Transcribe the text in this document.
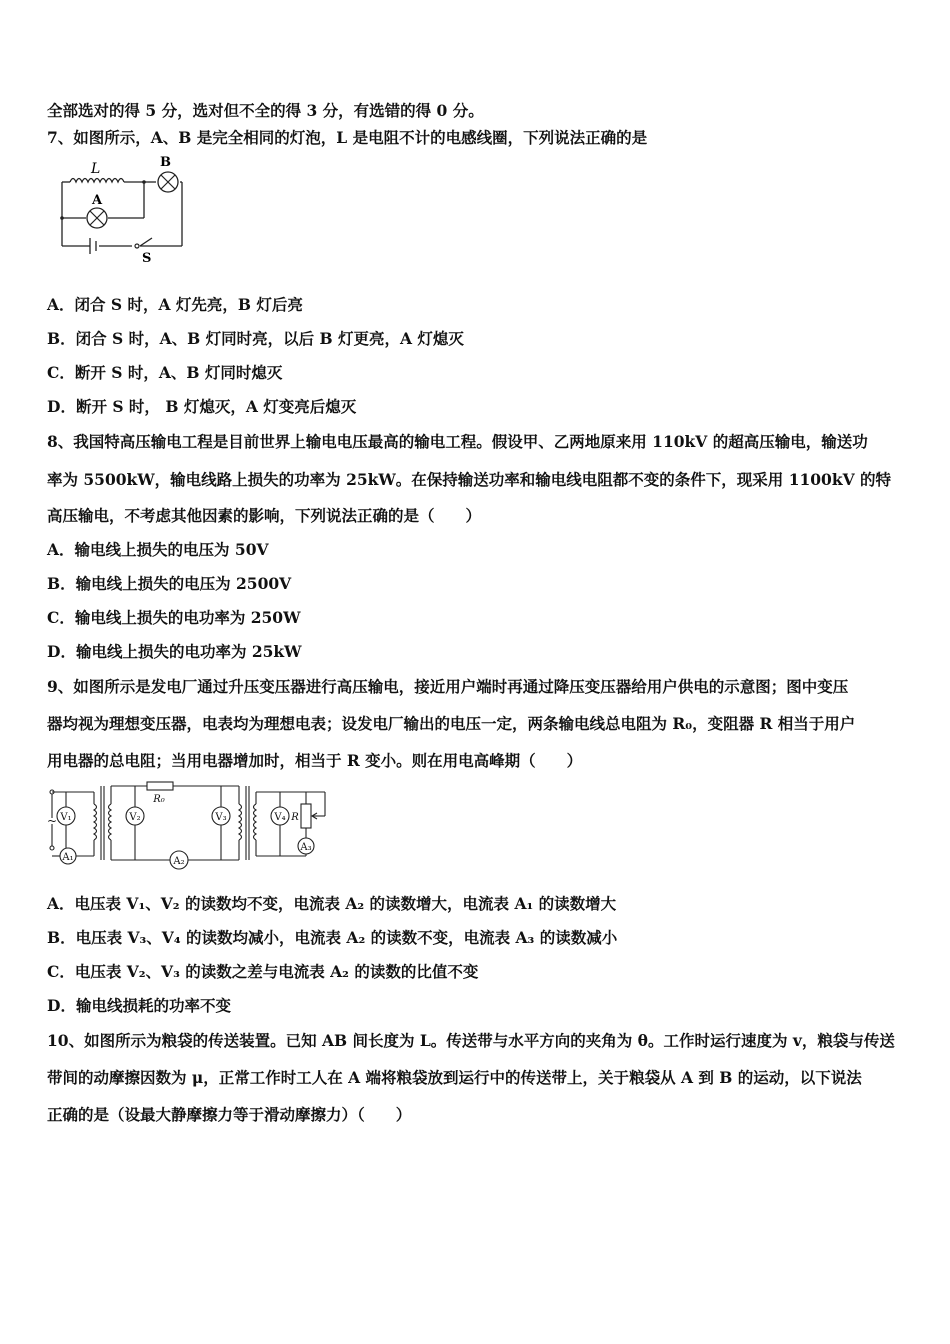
全部选对的得 5 分，选对但不全的得 3 分，有选错的得 0 分。
7、如图所示，A、B 是完全相同的灯泡，L 是电阻不计的电感线圈，下列说法正确的是
L	B
A
S
A．闭合 S 时，A 灯先亮，B 灯后亮
B．闭合 S 时，A、B 灯同时亮，以后 B 灯更亮，A 灯熄灭
C．断开 S 时，A、B 灯同时熄灭
D．断开 S 时， B 灯熄灭，A 灯变亮后熄灭
8、我国特高压输电工程是目前世界上输电电压最高的输电工程。假设甲、乙两地原来用 110kV 的超高压输电，输送功
率为 5500kW，输电线路上损失的功率为 25kW。在保持输送功率和输电线电阻都不变的条件下，现采用 1100kV 的特
高压输电，不考虑其他因素的影响，下列说法正确的是（　　）
A．输电线上损失的电压为 50V
B．输电线上损失的电压为 2500V
C．输电线上损失的电功率为 250W
D．输电线上损失的电功率为 25kW
9、如图所示是发电厂通过升压变压器进行高压输电，接近用户端时再通过降压变压器给用户供电的示意图；图中变压
器均视为理想变压器，电表均为理想电表；设发电厂输出的电压一定，两条输电线总电阻为 R₀，变阻器 R 相当于用户
用电器的总电阻；当用电器增加时，相当于 R 变小。则在用电高峰期（　　）
V₁	V₂	V₃	V₄
A₁	A₂
A₃
R₀
R
~
A．电压表 V₁、V₂ 的读数均不变，电流表 A₂ 的读数增大，电流表 A₁ 的读数增大
B．电压表 V₃、V₄ 的读数均减小，电流表 A₂ 的读数不变，电流表 A₃ 的读数减小
C．电压表 V₂、V₃ 的读数之差与电流表 A₂ 的读数的比值不变
D．输电线损耗的功率不变
10、如图所示为粮袋的传送装置。已知 AB 间长度为 L。传送带与水平方向的夹角为 θ。工作时运行速度为 v，粮袋与传送
带间的动摩擦因数为 μ，正常工作时工人在 A 端将粮袋放到运行中的传送带上，关于粮袋从 A 到 B 的运动，以下说法
正确的是（设最大静摩擦力等于滑动摩擦力）（　　）
